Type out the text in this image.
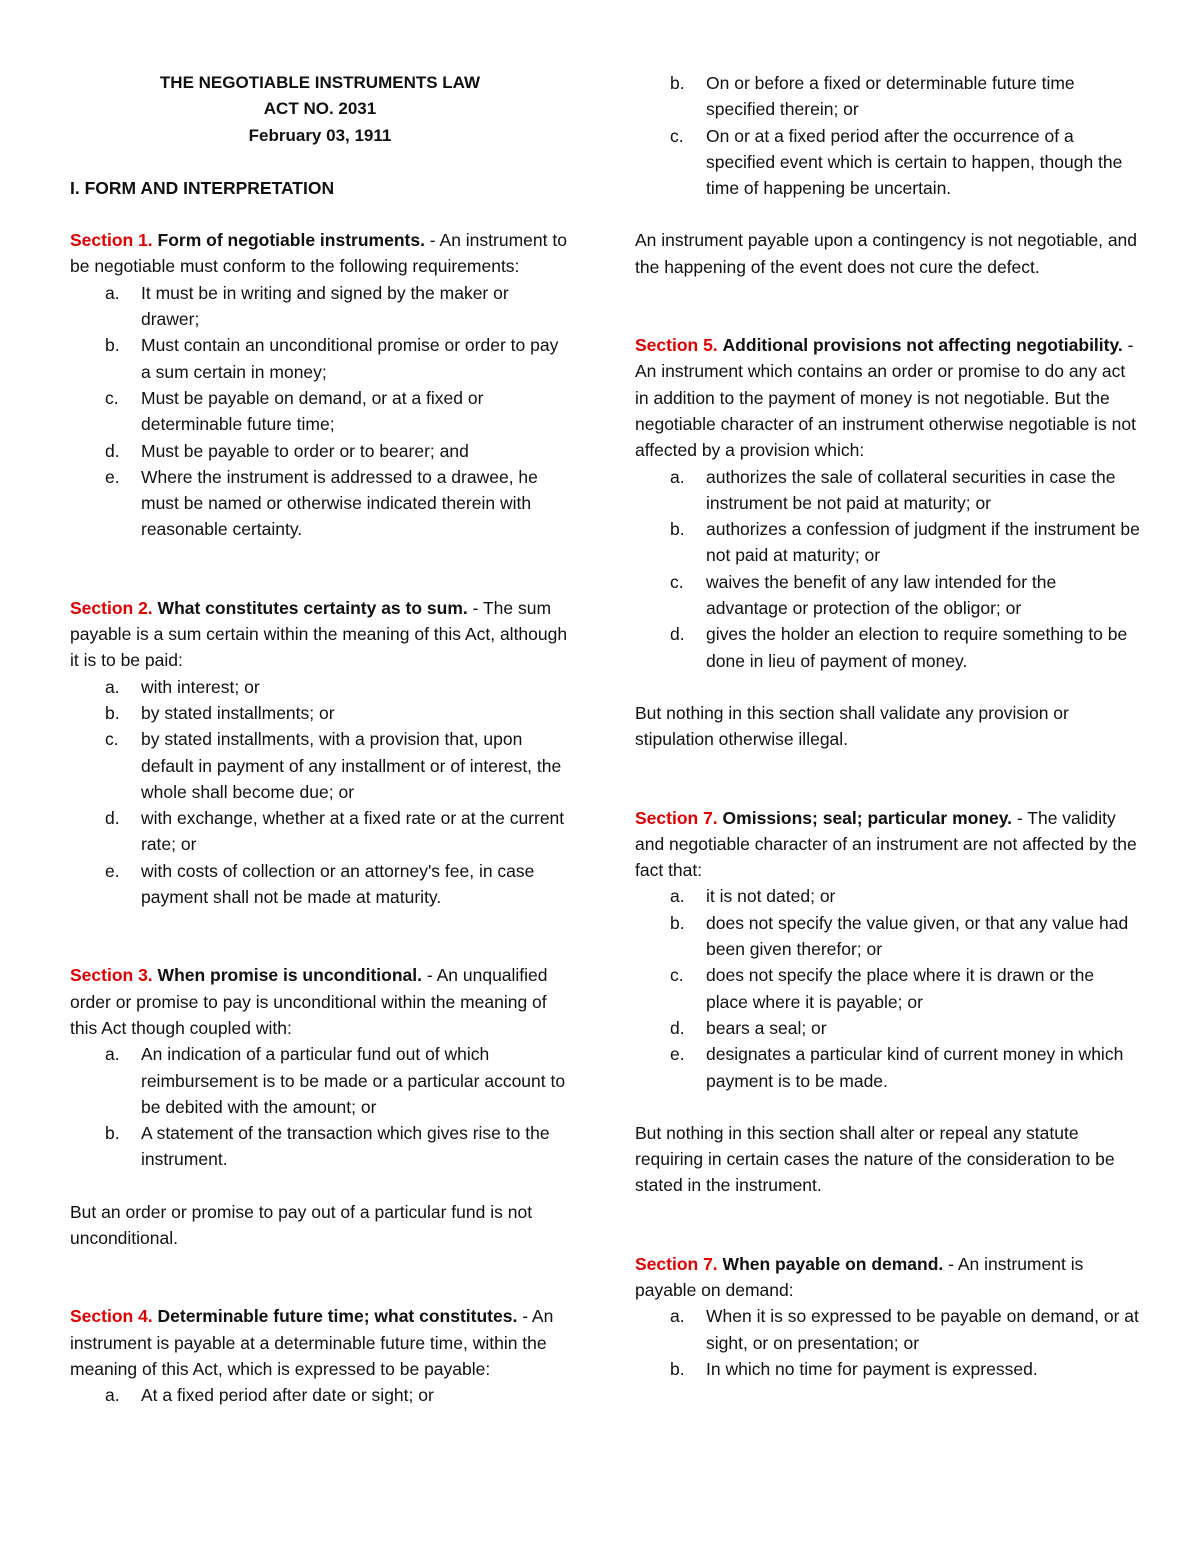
THE NEGOTIABLE INSTRUMENTS LAW

ACT NO. 2031

February 03, 1911

I. FORM AND INTERPRETATION

Section 1. Form of negotiable instruments. - An instrument to be negotiable must conform to the following requirements:

a. It must be in writing and signed by the maker or drawer;
b. Must contain an unconditional promise or order to pay a sum certain in money;
c. Must be payable on demand, or at a fixed or determinable future time;
d. Must be payable to order or to bearer; and
e. Where the instrument is addressed to a drawee, he must be named or otherwise indicated therein with reasonable certainty.

Section 2. What constitutes certainty as to sum. - The sum payable is a sum certain within the meaning of this Act, although it is to be paid:

a. with interest; or
b. by stated installments; or
c. by stated installments, with a provision that, upon default in payment of any installment or of interest, the whole shall become due; or
d. with exchange, whether at a fixed rate or at the current rate; or
e. with costs of collection or an attorney's fee, in case payment shall not be made at maturity.

Section 3. When promise is unconditional. - An unqualified order or promise to pay is unconditional within the meaning of this Act though coupled with:

a. An indication of a particular fund out of which reimbursement is to be made or a particular account to be debited with the amount; or
b. A statement of the transaction which gives rise to the instrument.

But an order or promise to pay out of a particular fund is not unconditional.

Section 4. Determinable future time; what constitutes. - An instrument is payable at a determinable future time, within the meaning of this Act, which is expressed to be payable:

a. At a fixed period after date or sight; or
b. On or before a fixed or determinable future time specified therein; or
c. On or at a fixed period after the occurrence of a specified event which is certain to happen, though the time of happening be uncertain.

An instrument payable upon a contingency is not negotiable, and the happening of the event does not cure the defect.

Section 5. Additional provisions not affecting negotiability. - An instrument which contains an order or promise to do any act in addition to the payment of money is not negotiable. But the negotiable character of an instrument otherwise negotiable is not affected by a provision which:

a. authorizes the sale of collateral securities in case the instrument be not paid at maturity; or
b. authorizes a confession of judgment if the instrument be not paid at maturity; or
c. waives the benefit of any law intended for the advantage or protection of the obligor; or
d. gives the holder an election to require something to be done in lieu of payment of money.

But nothing in this section shall validate any provision or stipulation otherwise illegal.

Section 7. Omissions; seal; particular money. - The validity and negotiable character of an instrument are not affected by the fact that:

a. it is not dated; or
b. does not specify the value given, or that any value had been given therefor; or
c. does not specify the place where it is drawn or the place where it is payable; or
d. bears a seal; or
e. designates a particular kind of current money in which payment is to be made.

But nothing in this section shall alter or repeal any statute requiring in certain cases the nature of the consideration to be stated in the instrument.

Section 7. When payable on demand. - An instrument is payable on demand:

a. When it is so expressed to be payable on demand, or at sight, or on presentation; or
b. In which no time for payment is expressed.
